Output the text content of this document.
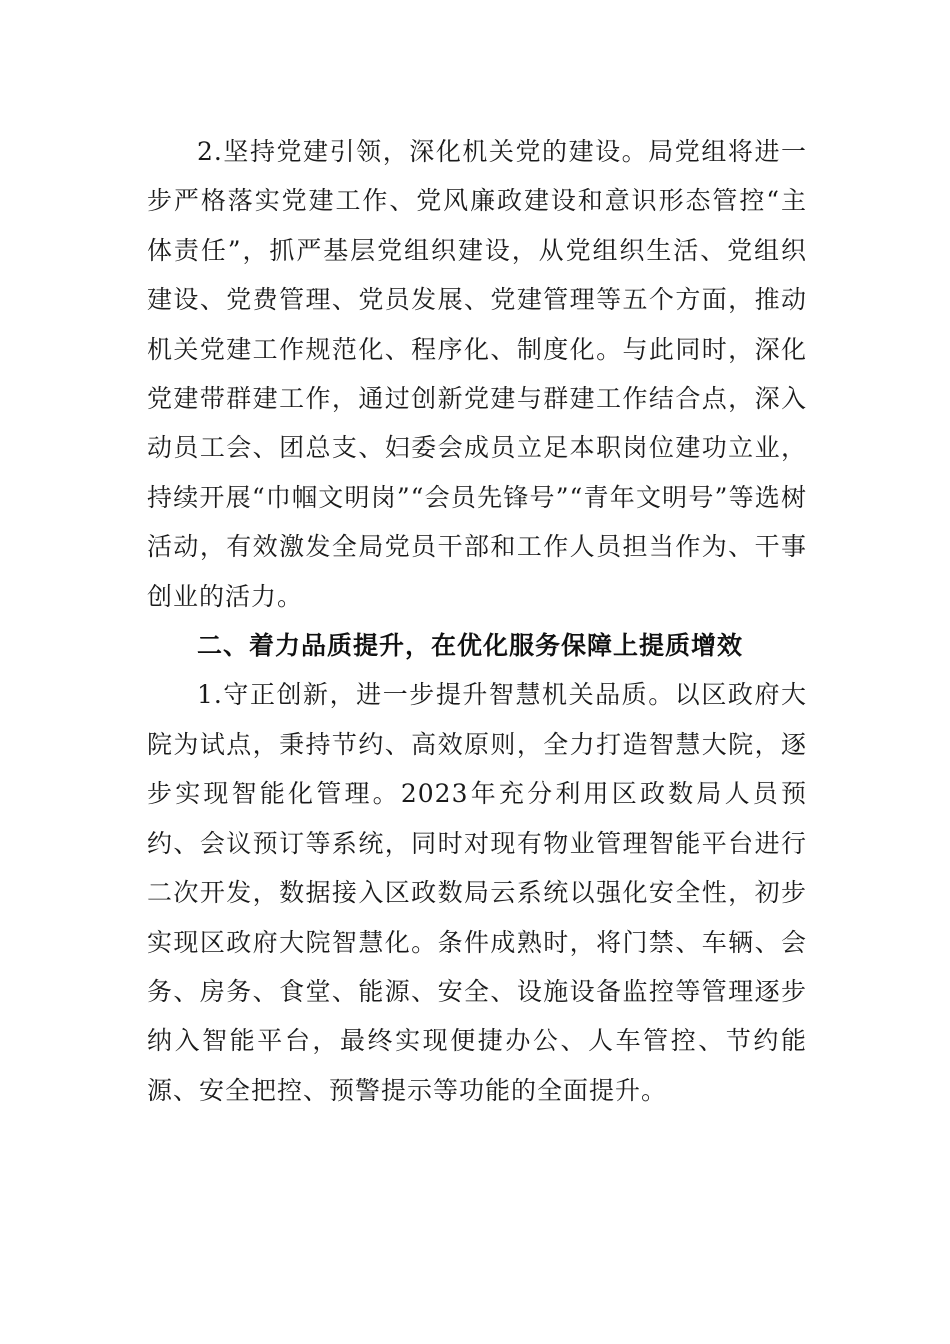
2.坚持党建引领，深化机关党的建设。局党组将进一步严格落实党建工作、党风廉政建设和意识形态管控“主体责任”，抓严基层党组织建设，从党组织生活、党组织建设、党费管理、党员发展、党建管理等五个方面，推动机关党建工作规范化、程序化、制度化。与此同时，深化党建带群建工作，通过创新党建与群建工作结合点，深入动员工会、团总支、妇委会成员立足本职岗位建功立业，持续开展“巾帼文明岗”“会员先锋号”“青年文明号”等选树活动，有效激发全局党员干部和工作人员担当作为、干事创业的活力。

二、着力品质提升，在优化服务保障上提质增效

1.守正创新，进一步提升智慧机关品质。以区政府大院为试点，秉持节约、高效原则，全力打造智慧大院，逐步实现智能化管理。2023年充分利用区政数局人员预约、会议预订等系统，同时对现有物业管理智能平台进行二次开发，数据接入区政数局云系统以强化安全性，初步实现区政府大院智慧化。条件成熟时，将门禁、车辆、会务、房务、食堂、能源、安全、设施设备监控等管理逐步纳入智能平台，最终实现便捷办公、人车管控、节约能源、安全把控、预警提示等功能的全面提升。
